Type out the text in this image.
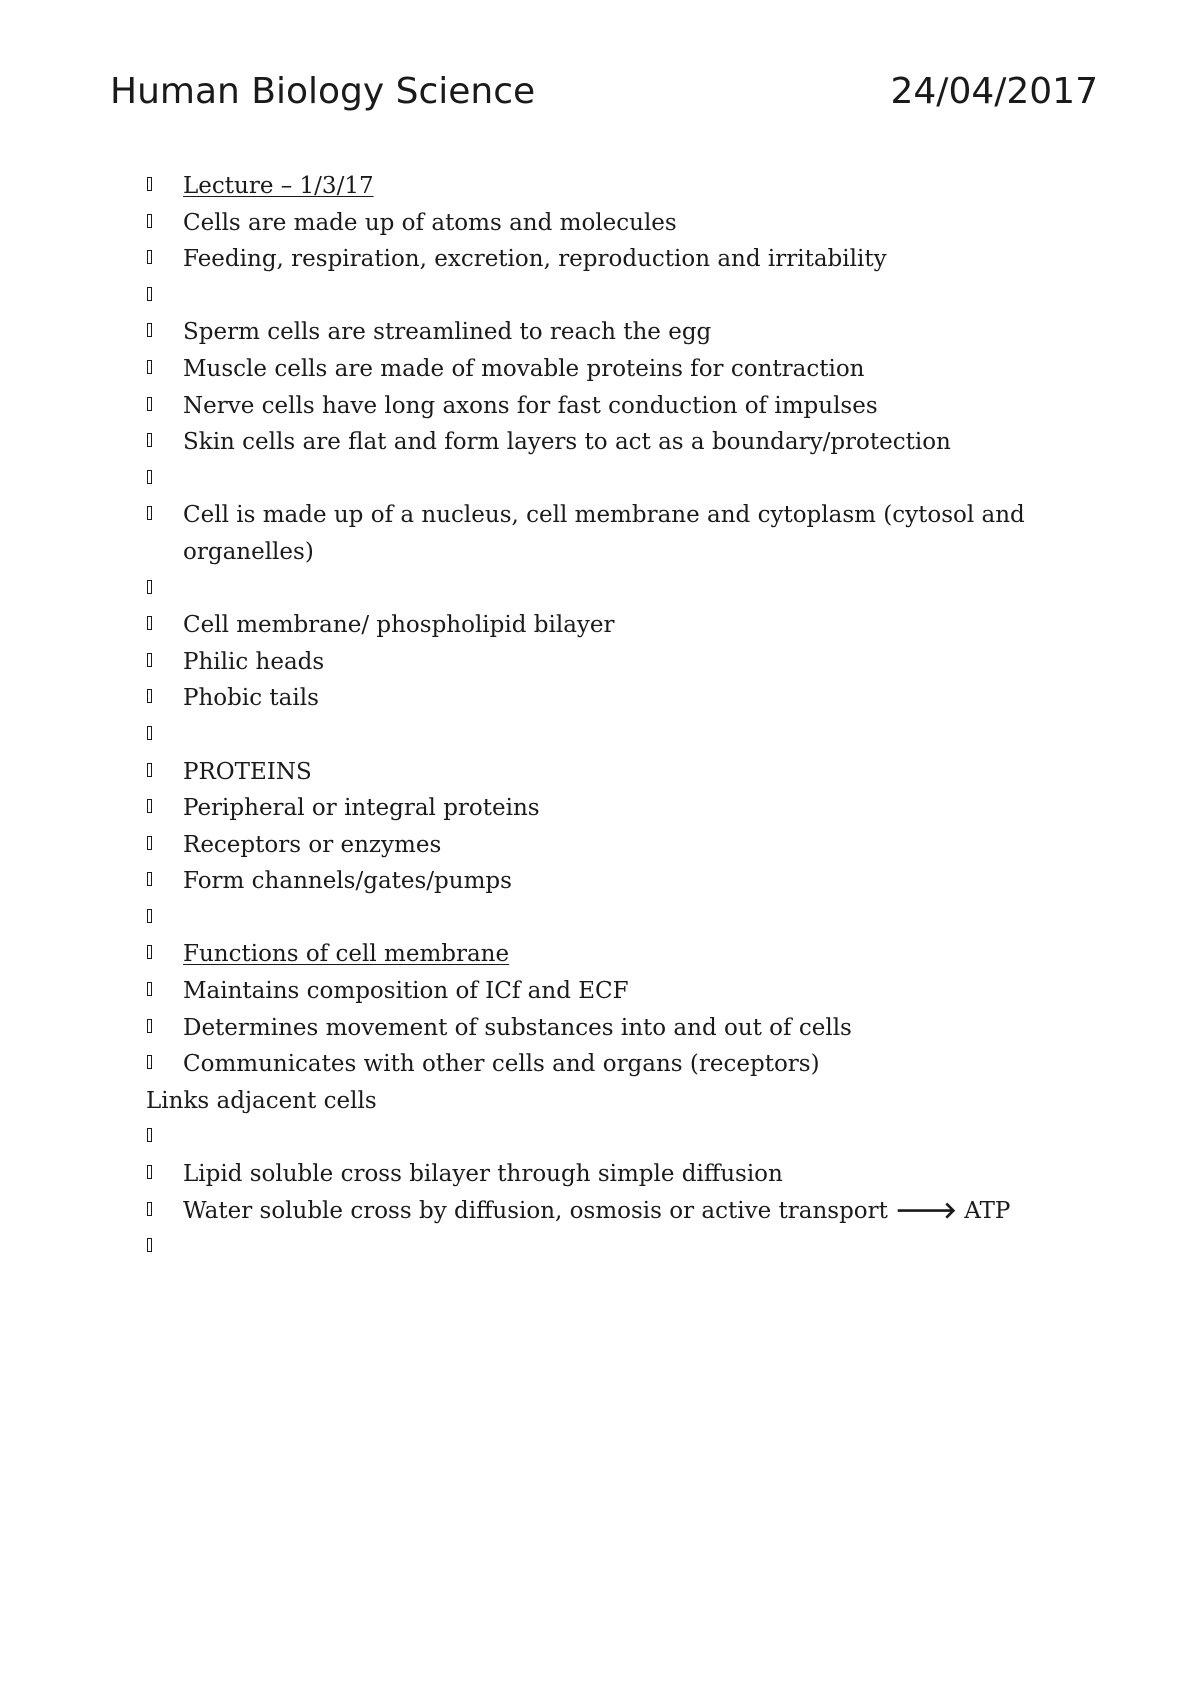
Human Biology Science	24/04/2017
Lecture – 1/3/17
Cells are made up of atoms and molecules
Feeding, respiration, excretion, reproduction and irritability

Sperm cells are streamlined to reach the egg
Muscle cells are made of movable proteins for contraction
Nerve cells have long axons for fast conduction of impulses
Skin cells are flat and form layers to act as a boundary/protection

Cell is made up of a nucleus, cell membrane and cytoplasm (cytosol and organelles)

Cell membrane/ phospholipid bilayer
Philic heads
Phobic tails

PROTEINS
Peripheral or integral proteins
Receptors or enzymes
Form channels/gates/pumps

Functions of cell membrane
Maintains composition of ICf and ECF
Determines movement of substances into and out of cells
Communicates with other cells and organs (receptors)
Links adjacent cells

Lipid soluble cross bilayer through simple diffusion
Water soluble cross by diffusion, osmosis or active transport 🡒 ATP
